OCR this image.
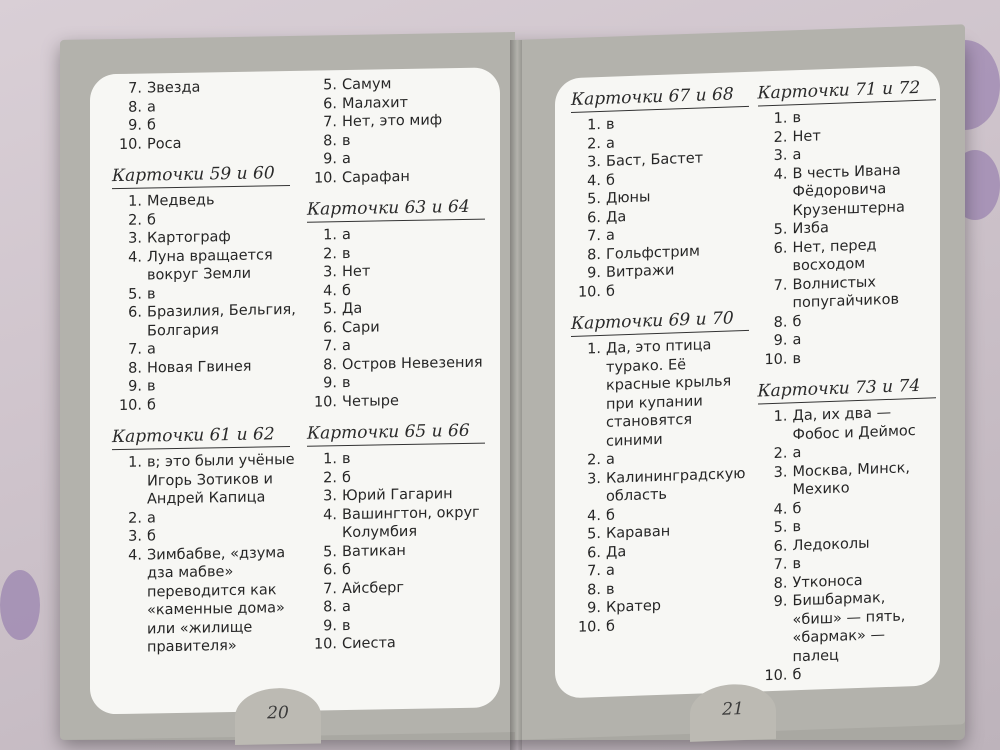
7. Звезда
8. а
9. б
10. Роса
Карточки 59 и 60
1. Медведь
2. б
3. Картограф
4. Луна вращается вокруг Земли
5. в
6. Бразилия, Бельгия, Болгария
7. а
8. Новая Гвинея
9. в
10. б
Карточки 61 и 62
1. в; это были учёные Игорь Зотиков и Андрей Капица
2. а
3. б
4. Зимбабве, «дзума дза мабве» переводится как «каменные дома» или «жилище правителя»
5. Самум
6. Малахит
7. Нет, это миф
8. в
9. а
10. Сарафан
Карточки 63 и 64
1. а
2. в
3. Нет
4. б
5. Да
6. Сари
7. а
8. Остров Невезения
9. в
10. Четыре
Карточки 65 и 66
1. в
2. б
3. Юрий Гагарин
4. Вашингтон, округ Колумбия
5. Ватикан
6. б
7. Айсберг
8. а
9. в
10. Сиеста
20
Карточки 67 и 68
1. в
2. а
3. Баст, Бастет
4. б
5. Дюны
6. Да
7. а
8. Гольфстрим
9. Витражи
10. б
Карточки 69 и 70
1. Да, это птица турако. Её красные крылья при купании становятся синими
2. а
3. Калининградскую область
4. б
5. Караван
6. Да
7. а
8. в
9. Кратер
10. б
Карточки 71 и 72
1. в
2. Нет
3. а
4. В честь Ивана Фёдоровича Крузенштерна
5. Изба
6. Нет, перед восходом
7. Волнистых попугайчиков
8. б
9. а
10. в
Карточки 73 и 74
1. Да, их два — Фобос и Деймос
2. а
3. Москва, Минск, Мехико
4. б
5. в
6. Ледоколы
7. в
8. Утконоса
9. Бишбармак, «биш» — пять, «бармак» — палец
10. б
21
